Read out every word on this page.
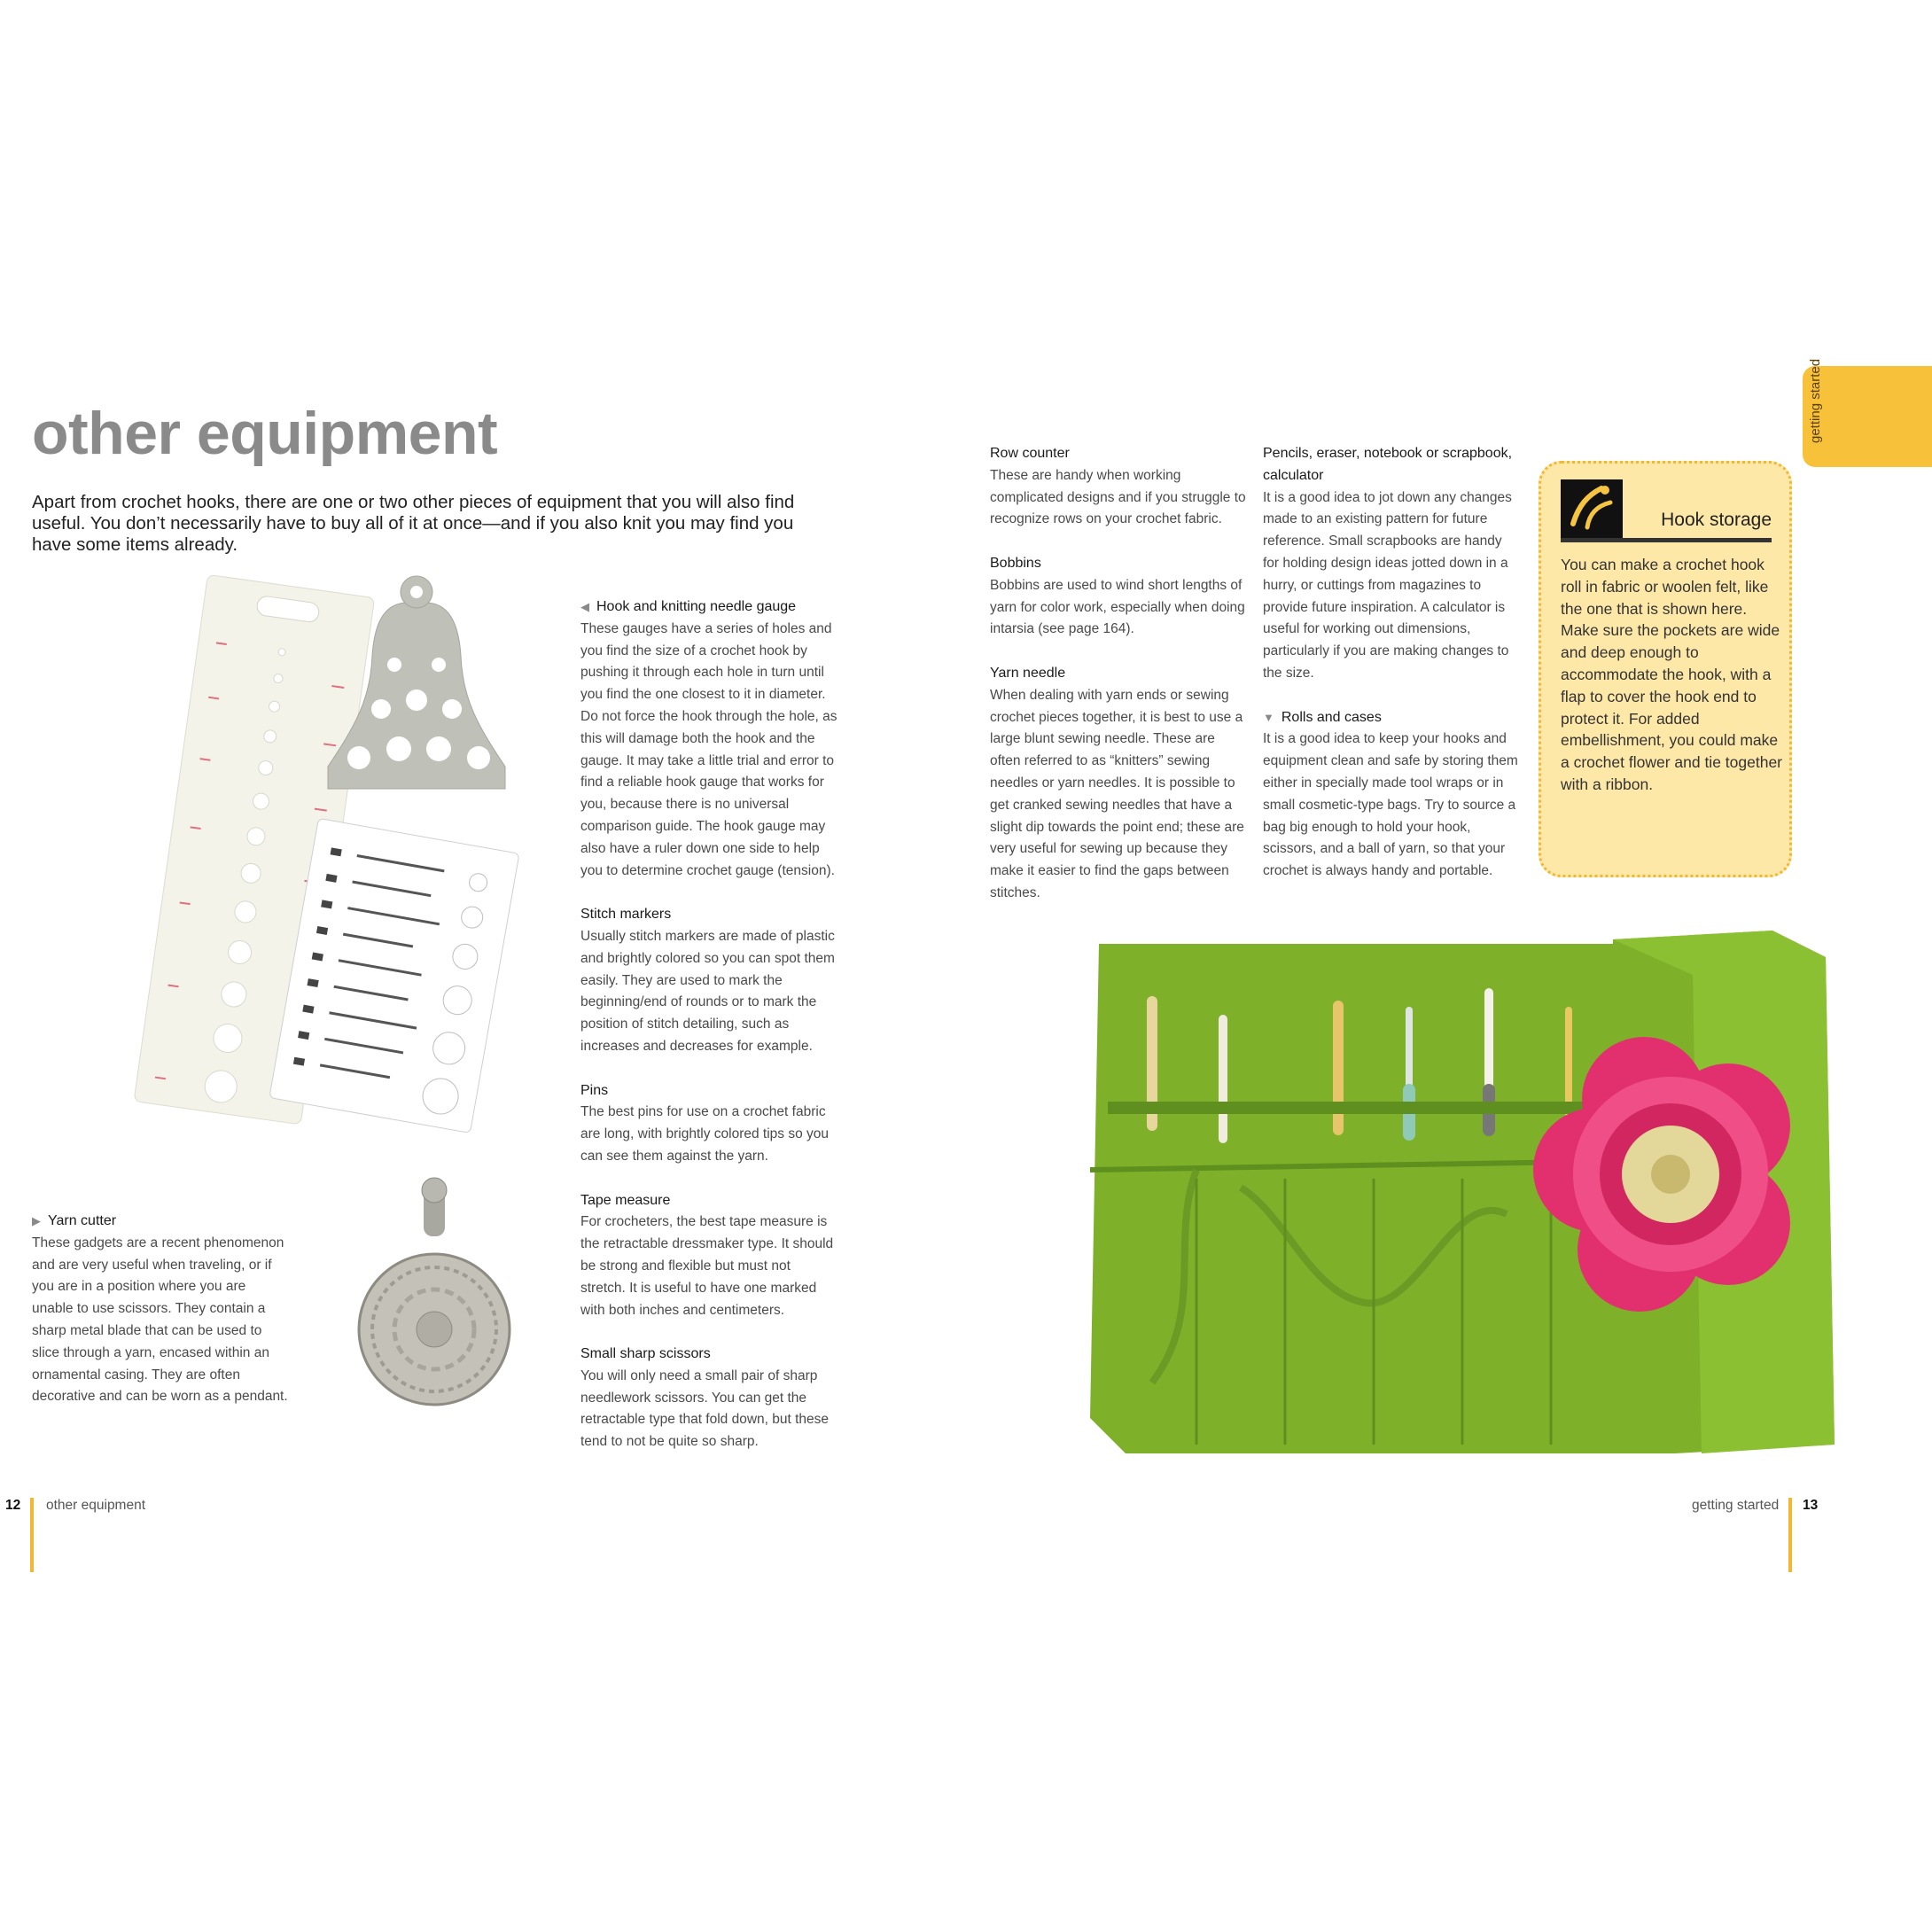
other equipment
Apart from crochet hooks, there are one or two other pieces of equipment that you will also find useful. You don’t necessarily have to buy all of it at once—and if you also knit you may find you have some items already.
getting started
◀ Hook and knitting needle gauge
These gauges have a series of holes and you find the size of a crochet hook by pushing it through each hole in turn until you find the one closest to it in diameter. Do not force the hook through the hole, as this will damage both the hook and the gauge. It may take a little trial and error to find a reliable hook gauge that works for you, because there is no universal comparison guide. The hook gauge may also have a ruler down one side to help you to determine crochet gauge (tension).
Stitch markers
Usually stitch markers are made of plastic and brightly colored so you can spot them easily. They are used to mark the beginning/end of rounds or to mark the position of stitch detailing, such as increases and decreases for example.
Pins
The best pins for use on a crochet fabric are long, with brightly colored tips so you can see them against the yarn.
Tape measure
For crocheters, the best tape measure is the retractable dressmaker type. It should be strong and flexible but must not stretch. It is useful to have one marked with both inches and centimeters.
Small sharp scissors
You will only need a small pair of sharp needlework scissors. You can get the retractable type that fold down, but these tend to not be quite so sharp.
▶ Yarn cutter
These gadgets are a recent phenomenon and are very useful when traveling, or if you are in a position where you are unable to use scissors. They contain a sharp metal blade that can be used to slice through a yarn, encased within an ornamental casing. They are often decorative and can be worn as a pendant.
Row counter
These are handy when working complicated designs and if you struggle to recognize rows on your crochet fabric.
Bobbins
Bobbins are used to wind short lengths of yarn for color work, especially when doing intarsia (see page 164).
Yarn needle
When dealing with yarn ends or sewing crochet pieces together, it is best to use a large blunt sewing needle. These are often referred to as “knitters” sewing needles or yarn needles. It is possible to get cranked sewing needles that have a slight dip towards the point end; these are very useful for sewing up because they make it easier to find the gaps between stitches.
Pencils, eraser, notebook or scrapbook, calculator
It is a good idea to jot down any changes made to an existing pattern for future reference. Small scrapbooks are handy for holding design ideas jotted down in a hurry, or cuttings from magazines to provide future inspiration. A calculator is useful for working out dimensions, particularly if you are making changes to the size.
▼ Rolls and cases
It is a good idea to keep your hooks and equipment clean and safe by storing them either in specially made tool wraps or in small cosmetic-type bags. Try to source a bag big enough to hold your hook, scissors, and a ball of yarn, so that your crochet is always handy and portable.
Hook storage
You can make a crochet hook roll in fabric or woolen felt, like the one that is shown here. Make sure the pockets are wide and deep enough to accommodate the hook, with a flap to cover the hook end to protect it. For added embellishment, you could make a crochet flower and tie together with a ribbon.
12 other equipment	getting started 13
